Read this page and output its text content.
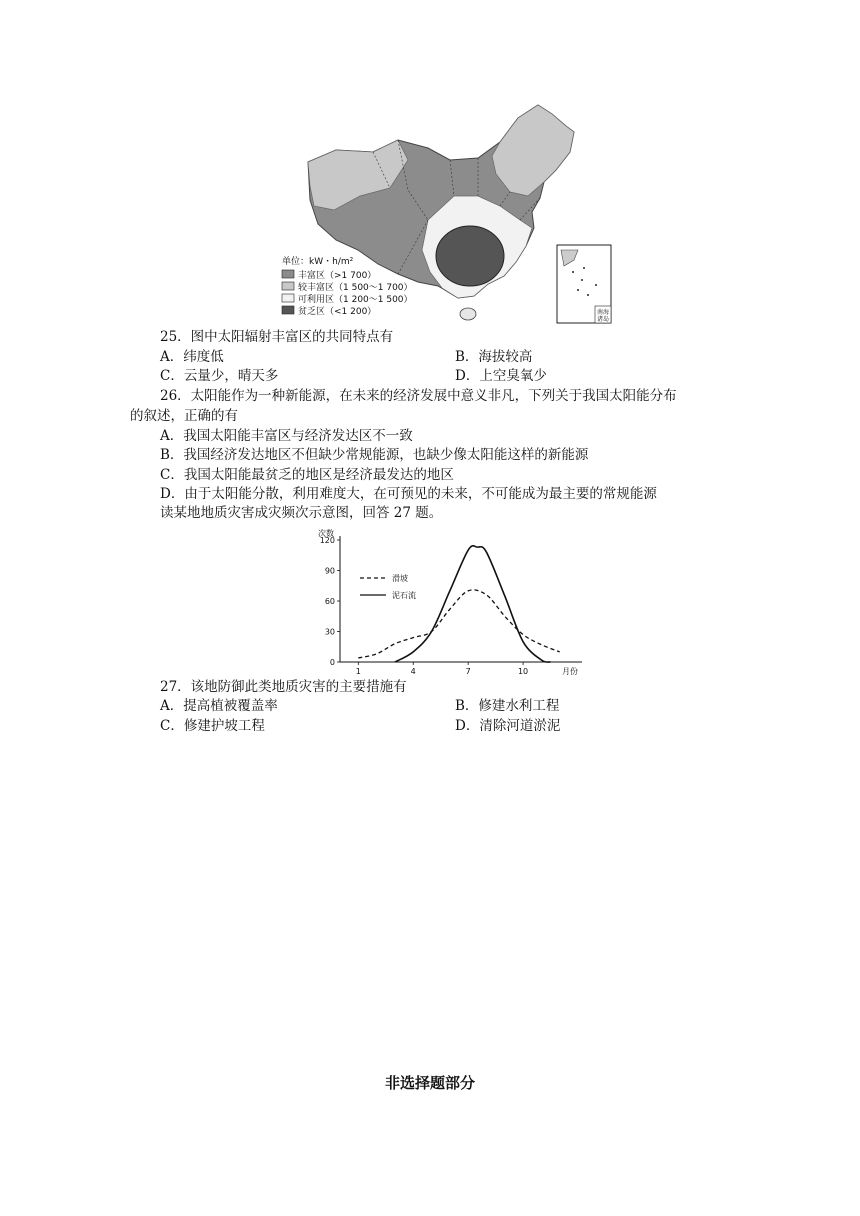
南海
诸岛
南海诸岛
单位：kW・h/m²
丰富区（>1 700）
较丰富区（1 500～1 700）
可利用区（1 200～1 500）
贫乏区（<1 200）
25．图中太阳辐射丰富区的共同特点有
A．纬度低	B．海拔较高
C．云量少，晴天多	D．上空臭氧少
26．太阳能作为一种新能源，在未来的经济发展中意义非凡，下列关于我国太阳能分布
的叙述，正确的有
A．我国太阳能丰富区与经济发达区不一致
B．我国经济发达地区不但缺少常规能源，也缺少像太阳能这样的新能源
C．我国太阳能最贫乏的地区是经济最发达的地区
D．由于太阳能分散，利用难度大，在可预见的未来，不可能成为最主要的常规能源
读某地地质灾害成灾频次示意图，回答 27 题。
次数
月份
0
30
60
90
120
1	4	7	10
滑坡
泥石流
27．该地防御此类地质灾害的主要措施有
A．提高植被覆盖率	B．修建水利工程
C．修建护坡工程	D．清除河道淤泥
非选择题部分
